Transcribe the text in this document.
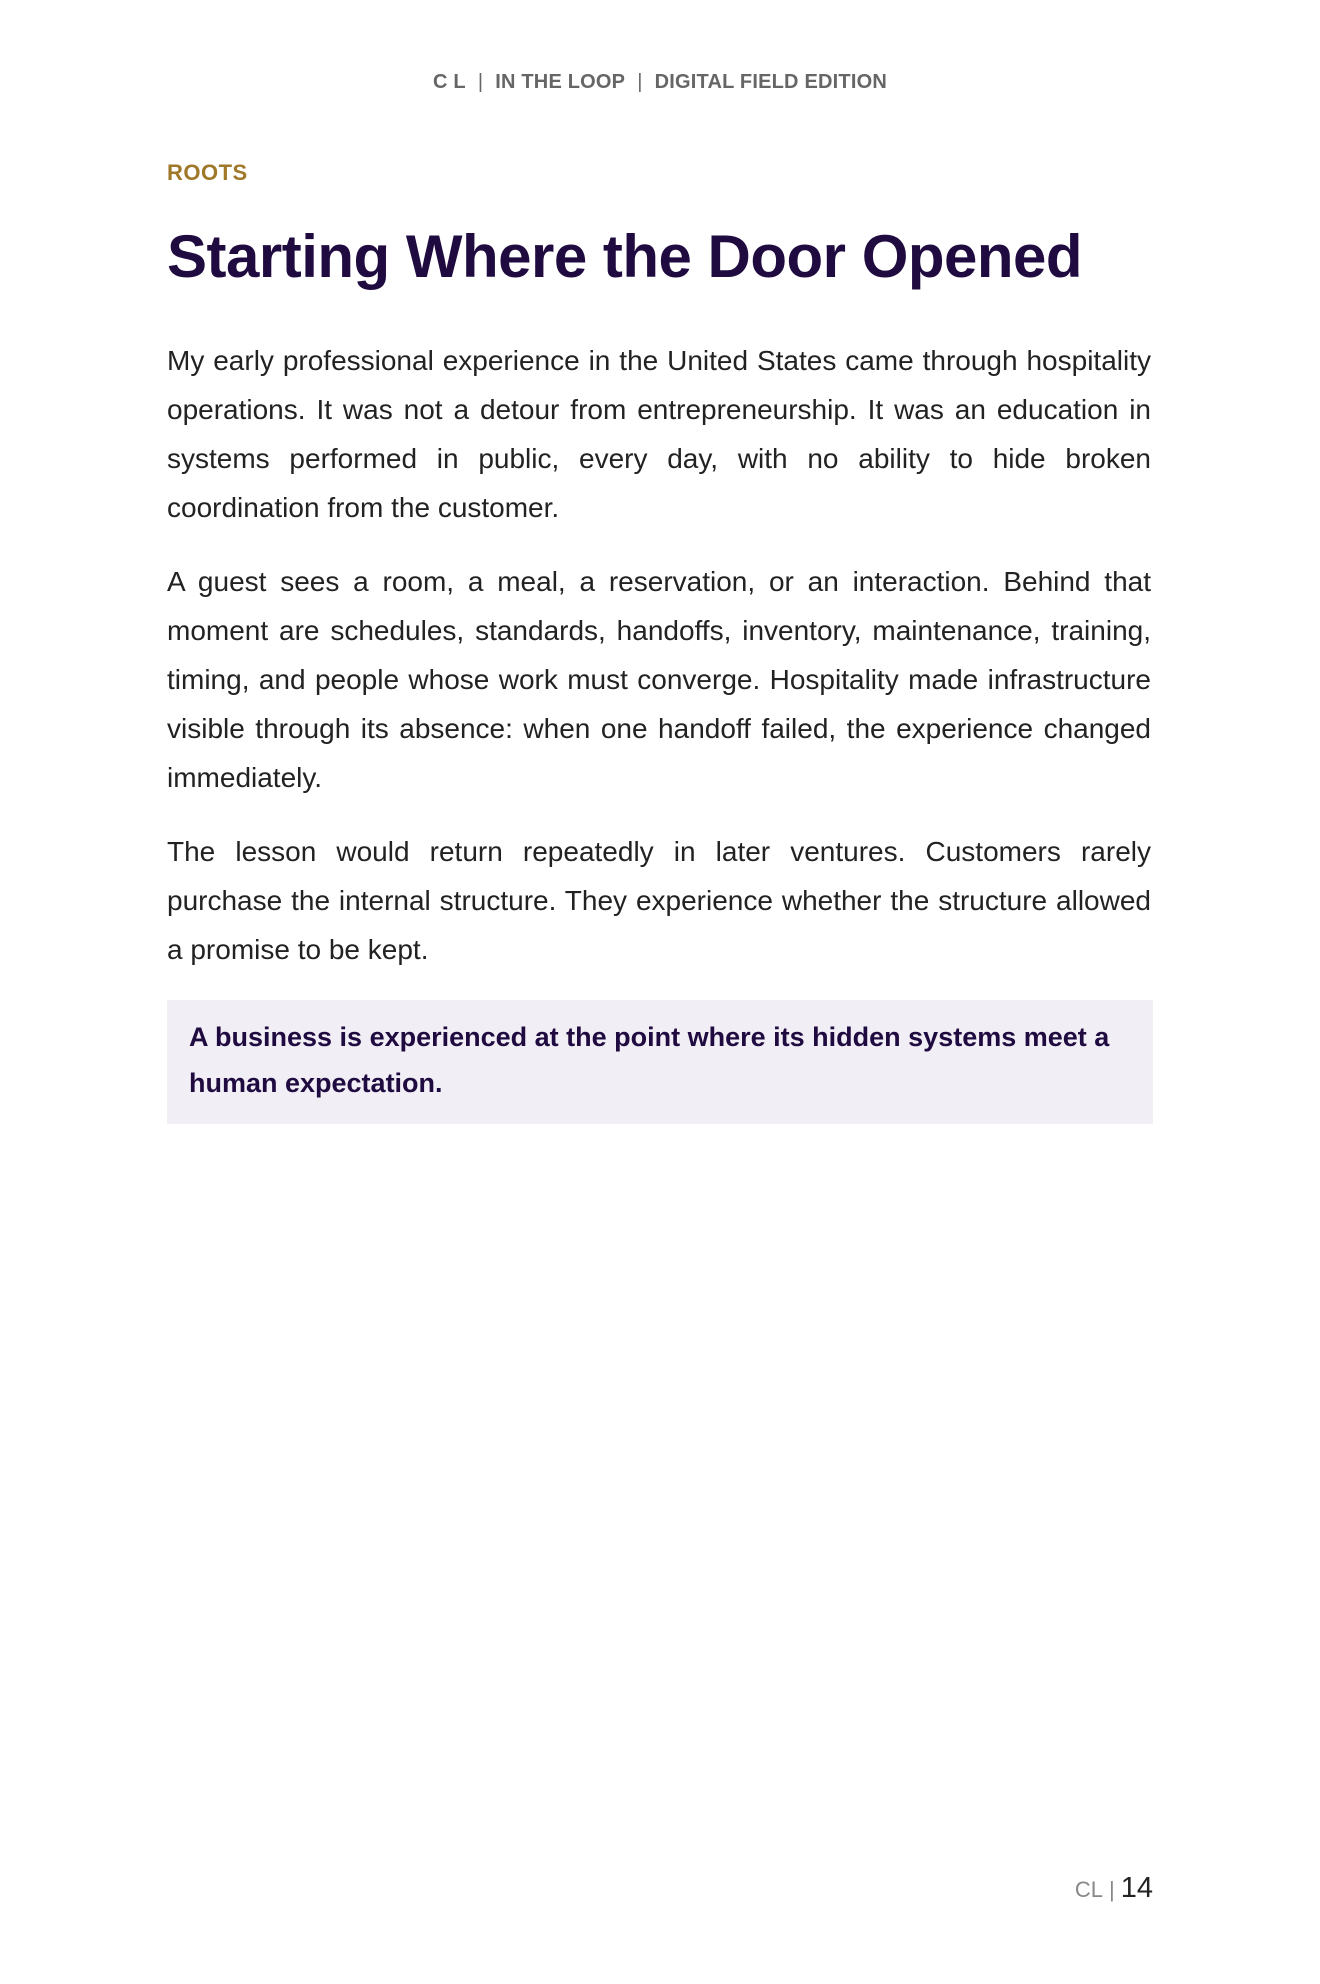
C L | IN THE LOOP | DIGITAL FIELD EDITION
ROOTS
Starting Where the Door Opened

My early professional experience in the United States came through hospitality operations. It was not a detour from entrepreneurship. It was an education in systems performed in public, every day, with no ability to hide broken coordination from the customer.

A guest sees a room, a meal, a reservation, or an interaction. Behind that moment are schedules, standards, handoffs, inventory, maintenance, training, timing, and people whose work must converge. Hospitality made infrastructure visible through its absence: when one handoff failed, the experience changed immediately.

The lesson would return repeatedly in later ventures. Customers rarely purchase the internal structure. They experience whether the structure allowed a promise to be kept.

A business is experienced at the point where its hidden systems meet a human expectation.

CL | 14
